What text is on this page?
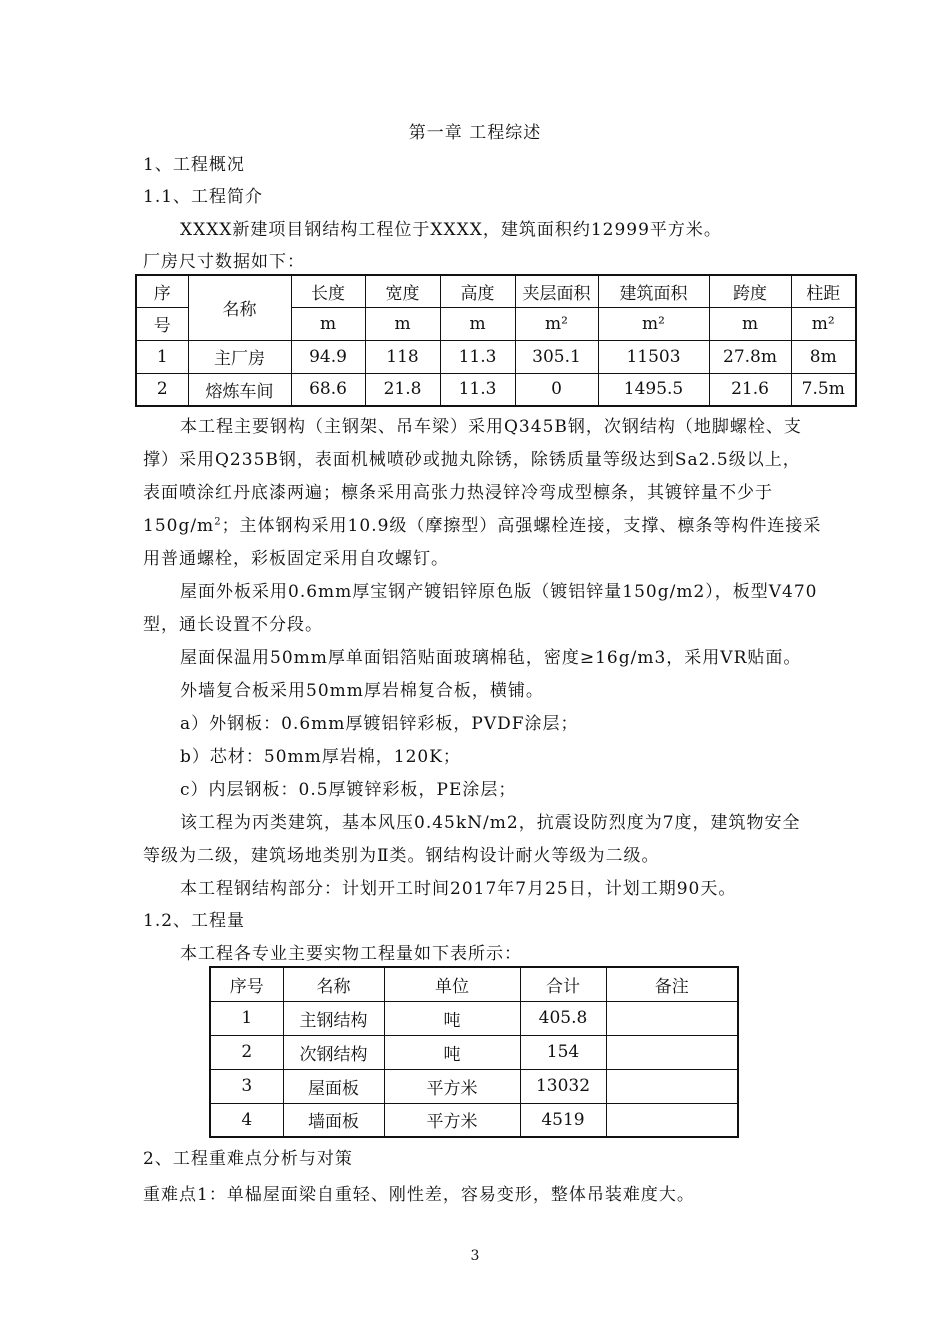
第一章 工程综述
1、工程概况
1.1、工程简介
XXXX新建项目钢结构工程位于XXXX，建筑面积约12999平方米。
厂房尺寸数据如下：
序	名称	长度	宽度	高度	夹层面积	建筑面积	跨度	柱距
号		m	m	m	m²	m²	m	m²
1	主厂房	94.9	118	11.3	305.1	11503	27.8m	8m
2	熔炼车间	68.6	21.8	11.3	0	1495.5	21.6	7.5m
本工程主要钢构（主钢架、吊车梁）采用Q345B钢，次钢结构（地脚螺栓、支
撑）采用Q235B钢，表面机械喷砂或抛丸除锈，除锈质量等级达到Sa2.5级以上，
表面喷涂红丹底漆两遍；檩条采用高张力热浸锌冷弯成型檩条，其镀锌量不少于
$150g/m^2$；主体钢构采用10.9级（摩擦型）高强螺栓连接，支撑、檩条等构件连接采
用普通螺栓，彩板固定采用自攻螺钉。
屋面外板采用0.6mm厚宝钢产镀铝锌原色版（镀铝锌量150g/m2），板型V470
型，通长设置不分段。
屋面保温用50mm厚单面铝箔贴面玻璃棉毡，密度≥16g/m3，采用VR贴面。
外墙复合板采用50mm厚岩棉复合板，横铺。
a）外钢板：0.6mm厚镀铝锌彩板，PVDF涂层；
b）芯材：50mm厚岩棉，120K；
c）内层钢板：0.5厚镀锌彩板，PE涂层；
该工程为丙类建筑，基本风压0.45kN/m2，抗震设防烈度为7度，建筑物安全
等级为二级，建筑场地类别为Ⅱ类。钢结构设计耐火等级为二级。
本工程钢结构部分：计划开工时间2017年7月25日，计划工期90天。
1.2、工程量
本工程各专业主要实物工程量如下表所示：
序号	名称	单位	合计	备注
1	主钢结构	吨	405.8	
2	次钢结构	吨	154	
3	屋面板	平方米	13032	
4	墙面板	平方米	4519	
2、工程重难点分析与对策
重难点1：单榀屋面梁自重轻、刚性差，容易变形，整体吊装难度大。
3
